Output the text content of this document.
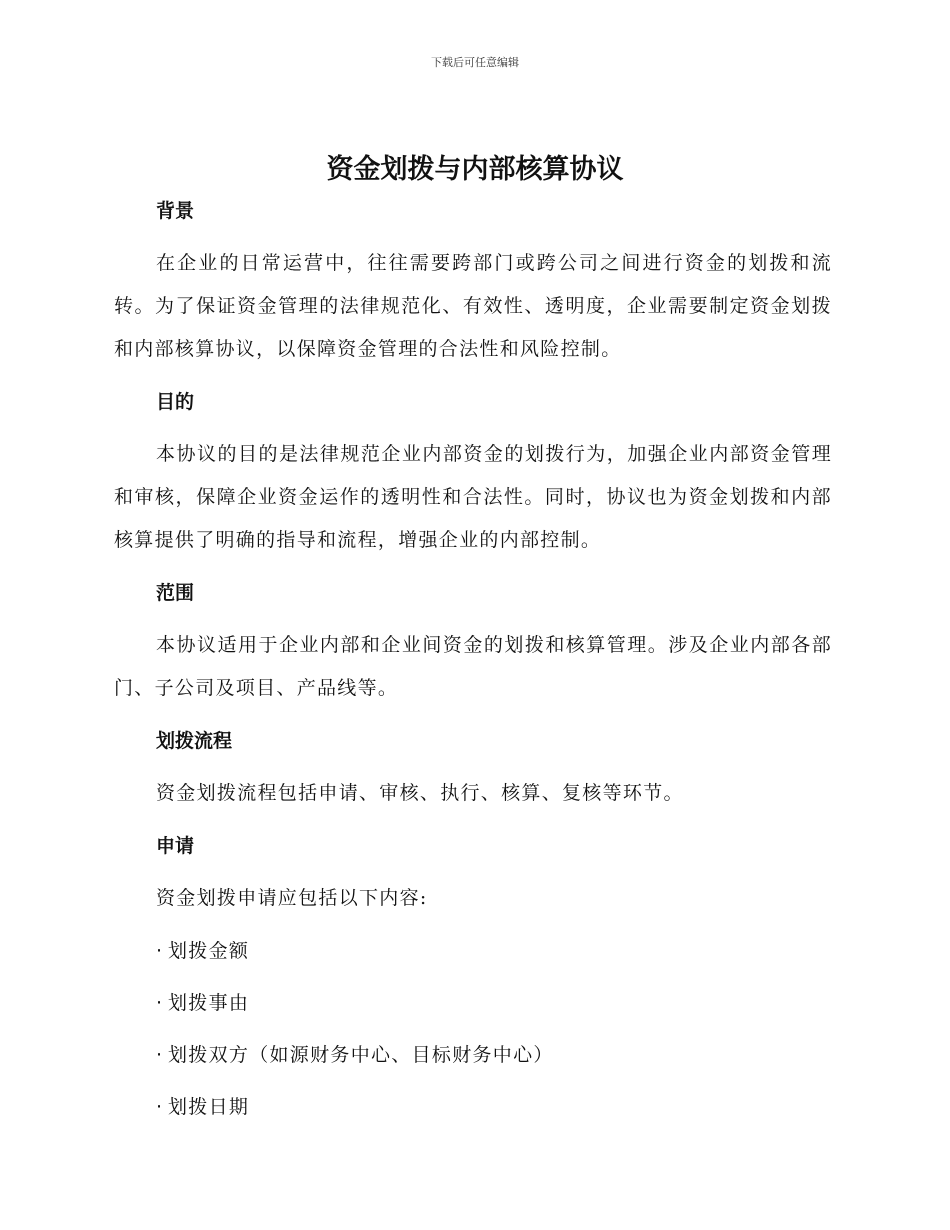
下载后可任意编辑
资金划拨与内部核算协议
背景

在企业的日常运营中，往往需要跨部门或跨公司之间进行资金的划拨和流转。为了保证资金管理的法律规范化、有效性、透明度，企业需要制定资金划拨和内部核算协议，以保障资金管理的合法性和风险控制。

目的

本协议的目的是法律规范企业内部资金的划拨行为，加强企业内部资金管理和审核，保障企业资金运作的透明性和合法性。同时，协议也为资金划拨和内部核算提供了明确的指导和流程，增强企业的内部控制。

范围

本协议适用于企业内部和企业间资金的划拨和核算管理。涉及企业内部各部门、子公司及项目、产品线等。

划拨流程

资金划拨流程包括申请、审核、执行、核算、复核等环节。

申请

资金划拨申请应包括以下内容:

· 划拨金额
· 划拨事由
· 划拨双方（如源财务中心、目标财务中心）
· 划拨日期
